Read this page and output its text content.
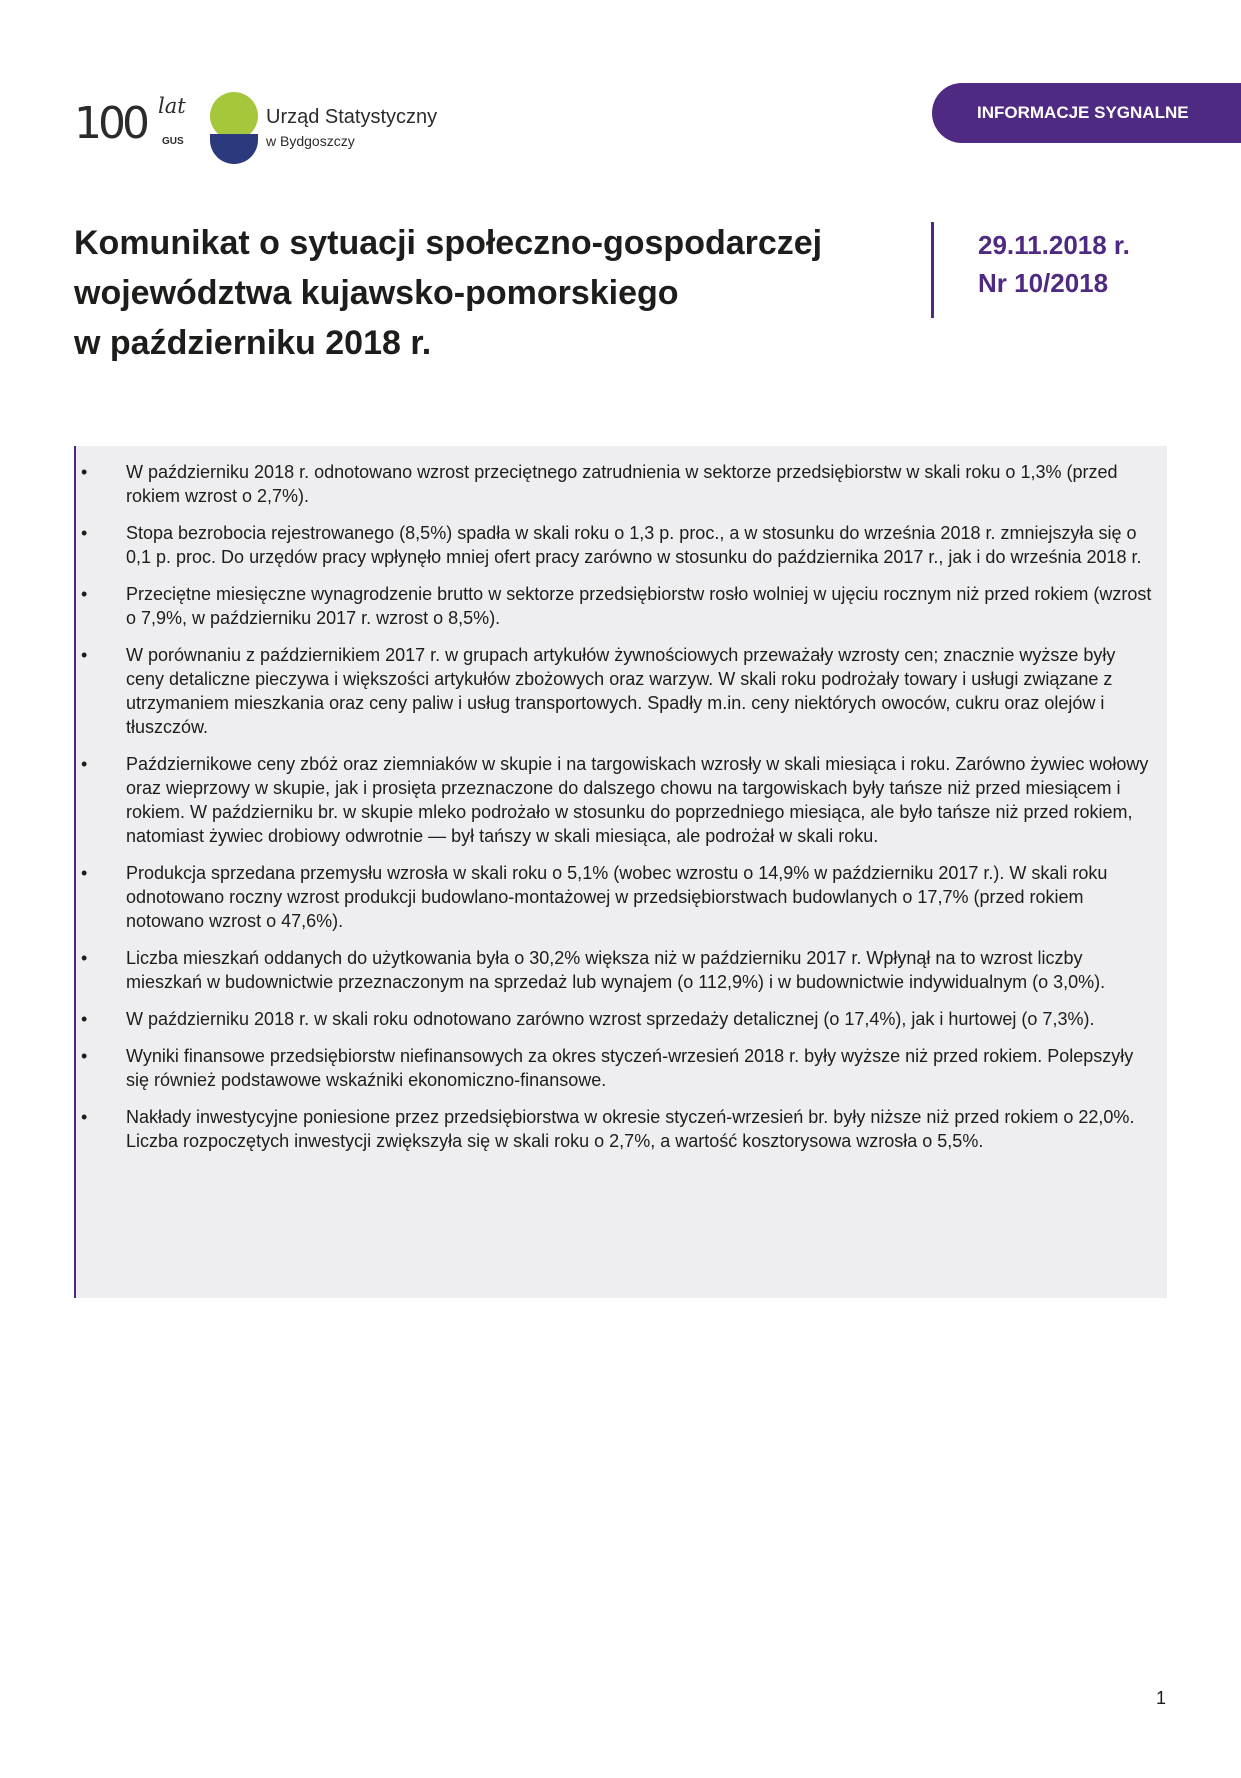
100 lat
GUS
Urząd Statystyczny
w Bydgoszczy
INFORMACJE SYGNALNE
Komunikat o sytuacji społeczno-gospodarczej
województwa kujawsko-pomorskiego
w październiku 2018 r.
29.11.2018 r.
Nr 10/2018
• W październiku 2018 r. odnotowano wzrost przeciętnego zatrudnienia w sektorze przedsiębiorstw w skali roku o 1,3% (przed rokiem wzrost o 2,7%).
• Stopa bezrobocia rejestrowanego (8,5%) spadła w skali roku o 1,3 p. proc., a w stosunku do września 2018 r. zmniejszyła się o 0,1 p. proc. Do urzędów pracy wpłynęło mniej ofert pracy zarówno w stosunku do października 2017 r., jak i do września 2018 r.
• Przeciętne miesięczne wynagrodzenie brutto w sektorze przedsiębiorstw rosło wolniej w ujęciu rocznym niż przed rokiem (wzrost o 7,9%, w październiku 2017 r. wzrost o 8,5%).
• W porównaniu z październikiem 2017 r. w grupach artykułów żywnościowych przeważały wzrosty cen; znacznie wyższe były ceny detaliczne pieczywa i większości artykułów zbożowych oraz warzyw. W skali roku podrożały towary i usługi związane z utrzymaniem mieszkania oraz ceny paliw i usług transportowych. Spadły m.in. ceny niektórych owoców, cukru oraz olejów i tłuszczów.
• Październikowe ceny zbóż oraz ziemniaków w skupie i na targowiskach wzrosły w skali miesiąca i roku. Zarówno żywiec wołowy oraz wieprzowy w skupie, jak i prosięta przeznaczone do dalszego chowu na targowiskach były tańsze niż przed miesiącem i rokiem. W październiku br. w skupie mleko podrożało w stosunku do poprzedniego miesiąca, ale było tańsze niż przed rokiem, natomiast żywiec drobiowy odwrotnie — był tańszy w skali miesiąca, ale podrożał w skali roku.
• Produkcja sprzedana przemysłu wzrosła w skali roku o 5,1% (wobec wzrostu o 14,9% w październiku 2017 r.). W skali roku odnotowano roczny wzrost produkcji budowlano-montażowej w przedsiębiorstwach budowlanych o 17,7% (przed rokiem notowano wzrost o 47,6%).
• Liczba mieszkań oddanych do użytkowania była o 30,2% większa niż w październiku 2017 r. Wpłynął na to wzrost liczby mieszkań w budownictwie przeznaczonym na sprzedaż lub wynajem (o 112,9%) i w budownictwie indywidualnym (o 3,0%).
• W październiku 2018 r. w skali roku odnotowano zarówno wzrost sprzedaży detalicznej (o 17,4%), jak i hurtowej (o 7,3%).
• Wyniki finansowe przedsiębiorstw niefinansowych za okres styczeń-wrzesień 2018 r. były wyższe niż przed rokiem. Polepszyły się również podstawowe wskaźniki ekonomiczno-finansowe.
• Nakłady inwestycyjne poniesione przez przedsiębiorstwa w okresie styczeń-wrzesień br. były niższe niż przed rokiem o 22,0%. Liczba rozpoczętych inwestycji zwiększyła się w skali roku o 2,7%, a wartość kosztorysowa wzrosła o 5,5%.
1
